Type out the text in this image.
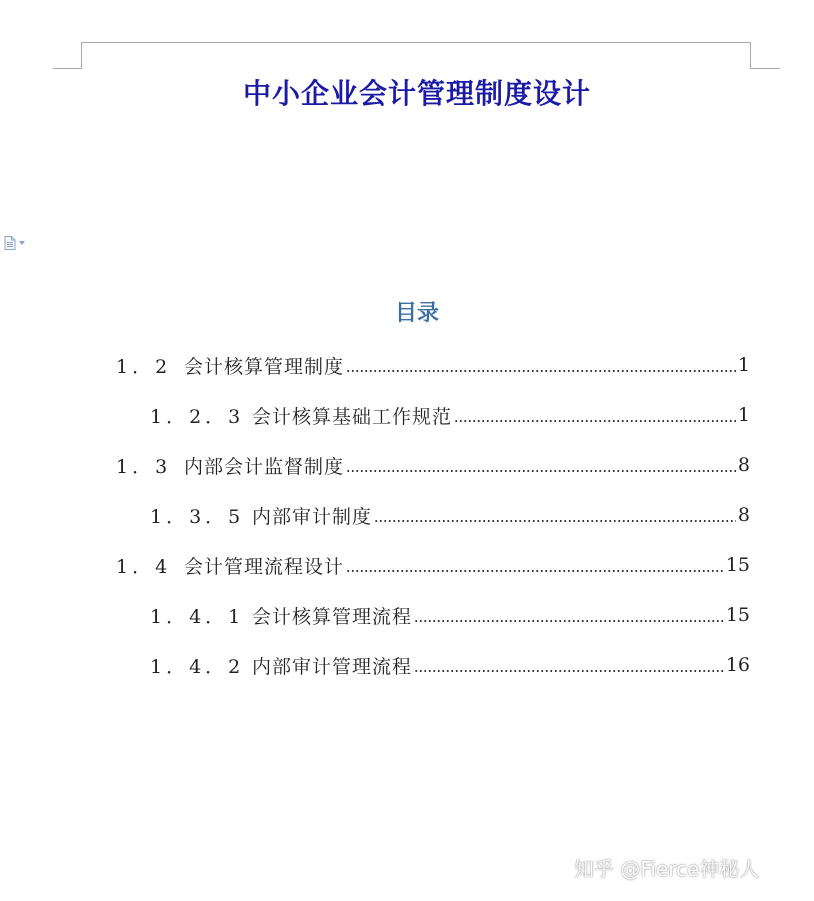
中小企业会计管理制度设计
目录
1．2 会计核算管理制度	1
1．2．3 会计核算基础工作规范	1
1．3 内部会计监督制度	8
1．3．5 内部审计制度	8
1．4 会计管理流程设计	15
1．4．1 会计核算管理流程	15
1．4．2 内部审计管理流程	16
知乎 @Fierce神秘人
